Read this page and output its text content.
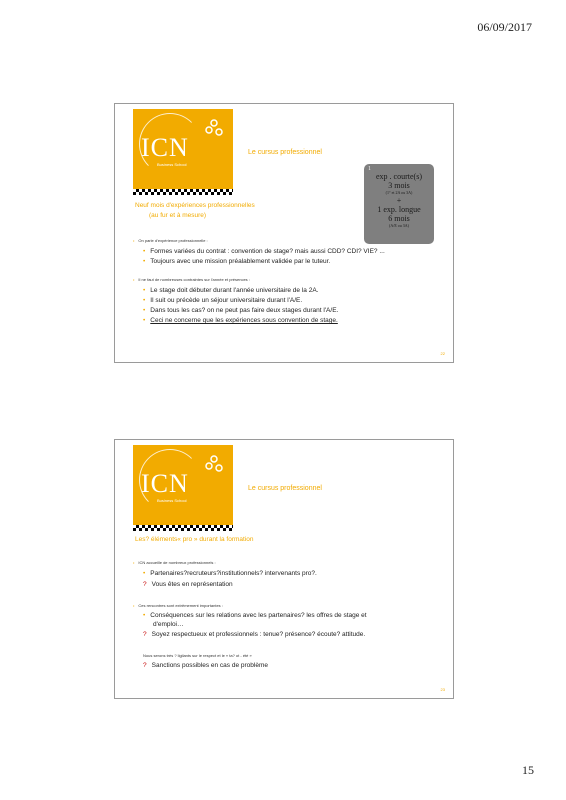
06/09/2017
ICN
Business School
Le cursus professionnel
1
exp . courte(s)
3 mois
(1° et 2A ou 3A)
+
1 exp. longue
6 mois
(A/E ou 3A)
Neuf mois d'expériences professionnelles
(au fur et à mesure)
• On parle d'expérience professionnelle :
• Formes variées du contrat : convention de stage? mais aussi CDD? CDI? VIE? ...
• Toujours avec une mission préalablement validée par le tuteur.
• Il ne faut de nombreuses contraintes sur l'année et présences :
• Le stage doit débuter durant l'année universitaire de la 2A.
• Il suit ou précède un séjour universitaire durant l'A/E.
• Dans tous les cas? on ne peut pas faire deux stages durant l'A/E.
• Ceci ne concerne que les expériences sous convention de stage.
22
ICN
Business School
Le cursus professionnel
Les? éléments« pro » durant la formation
• ICN accueille de nombreux professionnels :
• Partenaires?recruteurs?institutionnels? intervenants pro?.
? Vous êtes en représentation
• Ces rencontres sont extrêmement importantes :
• Conséquences sur les relations avec les partenaires? les offres de stage et
d'emploi…
? Soyez respectueux et professionnels : tenue? présence? écoute? attitude.
Nous serons très ? ligilants sur le respect et le « ta? ot - été »
? Sanctions possibles en cas de problème
23
15
